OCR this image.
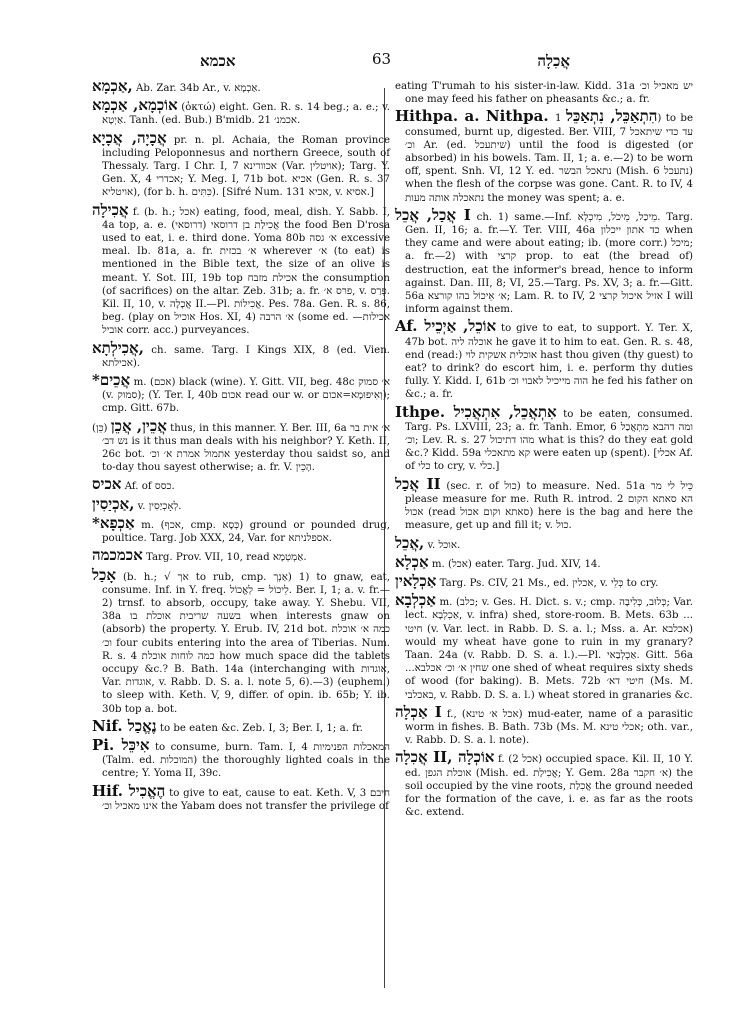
אכמא	63	אֲכִלָה

אַכְמָא, Ab. Zar. 34b Ar., v. אַכְמָא.

אוֹכְמָא, אַכְמָא (ὀκτώ) eight. Gen. R. s. 14 beg.; a. e.; v. אַיְטָא. Tanh. (ed. Bub.) B'midb. 21 אכמנ׳.

אֲכָיָה, אֲכָיָא pr. n. pl. Achaia, the Roman province including Peloponnesus and northern Greece, south of Thessaly. Targ. I Chr. I, 7 אכוורינא (Var. אויטלין); Targ. Y. Gen. X, 4 אכדרי; Y. Meg. I, 71b bot. אכיא (Gen. R. s. 37 אויטליא), (for b. h. כִּתִּים). [Sifré Num. 131 אכיא, v. אסיא.]

אֲכִילָה f. (b. h.; אכל) eating, food, meal, dish. Y. Sabb. I, 4a top, a. e. אֲכִילַת בן דרוסאי (דרוסאי) the food Ben D'rosa used to eat, i. e. third done. Yoma 80b א׳ גסה excessive meal. Ib. 81a, a. fr. א׳ בכזית wherever א׳ (to eat) is mentioned in the Bible text, the size of an olive is meant. Y. Sot. III, 19b top אכילת מזבח the consumption (of sacrifices) on the altar. Zeb. 31b; a. fr. פרס א׳, v. פְּרַס. Kil. II, 10, v. אֲכָלָה II.—Pl. אֲכִילוֹת. Pes. 78a. Gen. R. s. 86, beg. (play on אוכיל Hos. XI, 4) א׳ הרבה (some ed. אכילות—אוביל corr. acc.) purveyances.

אֲכִילְתָא, ch. same. Targ. I Kings XIX, 8 (ed. Vien. אכילתא).

*אֲכֵים m. (אכם) black (wine). Y. Gitt. VII, beg. 48c א׳ סמוק (v. סמוק); (Y. Ter. I, 40b אכום read our w. or וְאִיפוּמָא=אכום); cmp. Gitt. 67b.

אֲכֵין, אֲכֵן (כֵּן) thus, in this manner. Y. Ber. III, 6a א׳ אית בר נש דב׳ is it thus man deals with his neighbor? Y. Keth. II, 26c bot. אתמול אמרת א׳ וכ׳ yesterday thou saidst so, and to-day thou sayest otherwise; a. fr. V. הָכֵין.

אכיס Af. of כסס.

אַכְיַסִין, v. לְאָכְיַסִין.

*אַכְפָא m. (אכף, cmp. כְּסָא) ground or pounded drug, poultice. Targ. Job XXX, 24, Var. for אספלניתא.

אכמכמה Targ. Prov. VII, 10, read אַמְטְמָא.

אָכַל (b. h.; √ אך to rub, cmp. אַנְך) 1) to gnaw, eat, consume. Inf. in Y. freq. לֵיכוֹל = לְאֱכוֹל. Ber. I, 1; a. v. fr.—2) trnsf. to absorb, occupy, take away. Y. Shebu. VII, 38a בשעה שריבית אוכלת בו when interests gnaw on (absorb) the property. Y. Erub. IV, 21d bot. כמה א׳ אוכלת וכ׳ four cubits entering into the area of Tiberias. Num. R. s. 4 כמה לוחות אוכלת how much space did the tablets occupy &c.? B. Bath. 14a (interchanging with אוגדות, Var. אוגדות, v. Rabb. D. S. a. l. note 5, 6).—3) (euphem.) to sleep with. Keth. V, 9, differ. of opin. ib. 65b; Y. ib. 30b top a. bot.

Nif. נֶאֱכַל to be eaten &c. Zeb. I, 3; Ber. I, 1; a. fr.

Pi. אִיכֵּל to consume, burn. Tam. I, 4 המאכלות הפנימיות (Talm. ed. המוכלות) the thoroughly lighted coals in the centre; Y. Yoma II, 39c.

Hif. הֶאֱכִיל to give to eat, cause to eat. Keth. V, 3 חיבם אינו מאכיל וכ׳ the Yabam does not transfer the privilege of

eating T'rumah to his sister-in-law. Kidd. 31a יש מאכיל וכ׳ one may feed his father on pheasants &c.; a. fr.

Hithpa. a. Nithpa. הִתְאַכֵּל, נִתְאַכֵּל 1) to be consumed, burnt up, digested. Ber. VIII, 7 עד כדי שיתאכל וכ׳ Ar. (ed. שיתעכל) until the food is digested (or absorbed) in his bowels. Tam. II, 1; a. e.—2) to be worn off, spent. Snh. VI, 12 Y. ed. נתאכל הבשר (Mish. 6 נתעכל) when the flesh of the corpse was gone. Cant. R. to IV, 4 נתאכלה אותה מעות the money was spent; a. e.

אֲכַל, אֲכֵל I ch. 1) same.—Inf. מֵיכַל, מֵיכֹל, מִיכְלָא. Targ. Gen. II, 16; a. fr.—Y. Ter. VIII, 46a כד אתון ייכלון when they came and were about eating; ib. (more corr.) מיכל; a. fr.—2) with קרצי prop. to eat (the bread of) destruction, eat the informer's bread, hence to inform against. Dan. III, 8; VI, 25.—Targ. Ps. XV, 3; a. fr.—Gitt. 56a א׳ אֵיכוֹל בהו קורצא; Lam. R. to IV, 2 אזיל איכול קרצי I will inform against them.

Af. אוֹכֵל, אַיְכֵיל to give to eat, to support. Y. Ter. X, 47b bot. אוכלה ליה he gave it to him to eat. Gen. R. s. 48, end (read:) אוכלית אשקית לוי hast thou given (thy guest) to eat? to drink? do escort him, i. e. perform thy duties fully. Y. Kidd. I, 61b הוה מייכיל לאבוי וכ׳ he fed his father on &c.; a. fr.

Ithpe. אִתְאֲכֵל, אִתְאֲכִיל to be eaten, consumed. Targ. Ps. LXVIII, 23; a. fr. Tanh. Emor, 6 ומה דהבא מִתְאֲכַל וכ׳; Lev. R. s. 27 מהו דתיכול what is this? do they eat gold &c.? Kidd. 59a קא מתאכלי were eaten up (spent). [אכלי Af. of כלי to cry, v. כלי.]

אֲכַל II (sec. r. of כול) to measure. Ned. 51a כֵּיל לי מר please measure for me. Ruth R. introd. 2 הא סאתא הקום אכול (read סאתא וקום אכול) here is the bag and here the measure, get up and fill it; v. כול.

אֲכֵל, v. אוכל.

אַכְלָא m. (אכל) eater. Targ. Jud. XIV, 14.

אַכְלָאין Targ. Ps. CIV, 21 Ms., ed. אכלין, v. כְּלֵי to cry.

אַכְלְבָא m. (כלב; v. Ges. H. Dict. s. v.; cmp. כְּלוּב, כְּלִיבָה; Var. lect. אַכְלְבָא, v. infra) shed, store-room. B. Mets. 63b ... חיטי (v. Var. lect. in Rabb. D. S. a. l.; Mss. a. Ar. אכלבא) would my wheat have gone to ruin in my granary? Taan. 24a (v. Rabb. D. S. a. l.).—Pl. אַכְלְבַאי. Gitt. 56a ...שחין א׳ וכ׳ אכלבא one shed of wheat requires sixty sheds of wood (for baking). B. Mets. 72b חיטי דא׳ (Ms. M. באכלבי, v. Rabb. D. S. a. l.) wheat stored in granaries &c.

אַכְלָה I f., (אכל א׳ טינא) mud-eater, name of a parasitic worm in fishes. B. Bath. 73b (Ms. M. אכלי טינא; oth. var., v. Rabb. D. S. a. l. note).

אֲכִלָה II, אוֹכְלָה f. (אכל 2) occupied space. Kil. II, 10 Y. ed. אוכלת הגפן (Mish. ed. אֲכִילַת; Y. Gem. 28a א׳ חקבר) the soil occupied by the vine roots, אֲכִלַת the ground needed for the formation of the cave, i. e. as far as the roots &c. extend.
